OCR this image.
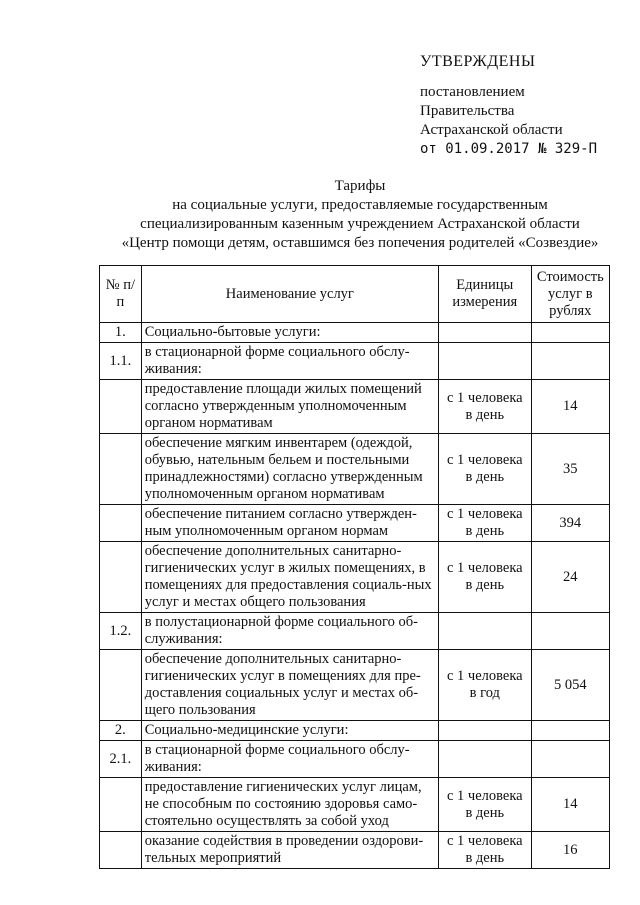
УТВЕРЖДЕНЫ
постановлением
Правительства
Астраханской области
от 01.09.2017 № 329-П
Тарифы
на социальные услуги, предоставляемые государственным
специализированным казенным учреждением Астраханской области
«Центр помощи детям, оставшимся без попечения родителей «Созвездие»
№ п/п	Наименование услуг	Единицы измерения	Стоимость услуг в рублях
1.	Социально-бытовые услуги:		
1.1.	в стационарной форме социального обслу-живания:		
	предоставление площади жилых помещений согласно утвержденным уполномоченным органом нормативам	с 1 человека в день	14
	обеспечение мягким инвентарем (одеждой, обувью, нательным бельем и постельными принадлежностями) согласно утвержденным уполномоченным органом нормативам	с 1 человека в день	35
	обеспечение питанием согласно утвержден-ным уполномоченным органом нормам	с 1 человека в день	394
	обеспечение дополнительных санитарно-гигиенических услуг в жилых помещениях, в помещениях для предоставления социаль-ных услуг и местах общего пользования	с 1 человека в день	24
1.2.	в полустационарной форме социального об-служивания:		
	обеспечение дополнительных санитарно-гигиенических услуг в помещениях для пре-доставления социальных услуг и местах об-щего пользования	с 1 человека в год	5 054
2.	Социально-медицинские услуги:		
2.1.	в стационарной форме социального обслу-живания:		
	предоставление гигиенических услуг лицам, не способным по состоянию здоровья само-стоятельно осуществлять за собой уход	с 1 человека в день	14
	оказание содействия в проведении оздорови-тельных мероприятий	с 1 человека в день	16
